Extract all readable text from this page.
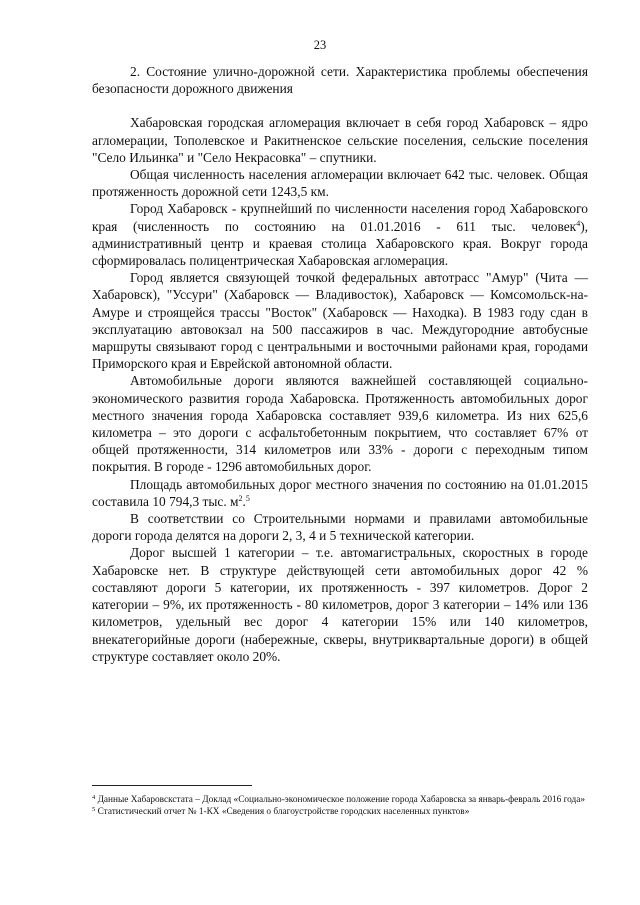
23

2. Состояние улично-дорожной сети. Характеристика проблемы обеспечения безопасности дорожного движения

Хабаровская городская агломерация включает в себя город Хабаровск – ядро агломерации, Тополевское и Ракитненское сельские поселения, сельские поселения "Село Ильинка" и "Село Некрасовка" – спутники.

Общая численность населения агломерации включает 642 тыс. человек. Общая протяженность дорожной сети 1243,5 км.

Город Хабаровск - крупнейший по численности населения город Хабаровского края (численность по состоянию на 01.01.2016 - 611 тыс. человек$^4$), административный центр и краевая столица Хабаровского края. Вокруг города сформировалась полицентрическая Хабаровская агломерация.

Город является связующей точкой федеральных автотрасс "Амур" (Чита — Хабаровск), "Уссури" (Хабаровск — Владивосток), Хабаровск — Комсомольск-на-Амуре и строящейся трассы "Восток" (Хабаровск — Находка). В 1983 году сдан в эксплуатацию автовокзал на 500 пассажиров в час. Междугородние автобусные маршруты связывают город с центральными и восточными районами края, городами Приморского края и Еврейской автономной области.

Автомобильные дороги являются важнейшей составляющей социально-экономического развития города Хабаровска. Протяженность автомобильных дорог местного значения города Хабаровска составляет 939,6 километра. Из них 625,6 километра – это дороги с асфальтобетонным покрытием, что составляет 67% от общей протяженности, 314 километров или 33% - дороги с переходным типом покрытия. В городе - 1296 автомобильных дорог.

Площадь автомобильных дорог местного значения по состоянию на 01.01.2015 составила 10 794,3 тыс. $м^2.^5$

В соответствии со Строительными нормами и правилами автомобильные дороги города делятся на дороги 2, 3, 4 и 5 технической категории.

Дорог высшей 1 категории – т.е. автомагистральных, скоростных в городе Хабаровске нет. В структуре действующей сети автомобильных дорог 42 % составляют дороги 5 категории, их протяженность - 397 километров. Дорог 2 категории – 9%, их протяженность - 80 километров, дорог 3 категории – 14% или 136 километров, удельный вес дорог 4 категории 15% или 140 километров, внекатегорийные дороги (набережные, скверы, внутриквартальные дороги) в общей структуре составляет около 20%.

$^4$ Данные Хабаровскстата – Доклад «Социально-экономическое положение города Хабаровска за январь-февраль 2016 года»

$^5$ Статистический отчет № 1-КХ «Сведения о благоустройстве городских населенных пунктов»
